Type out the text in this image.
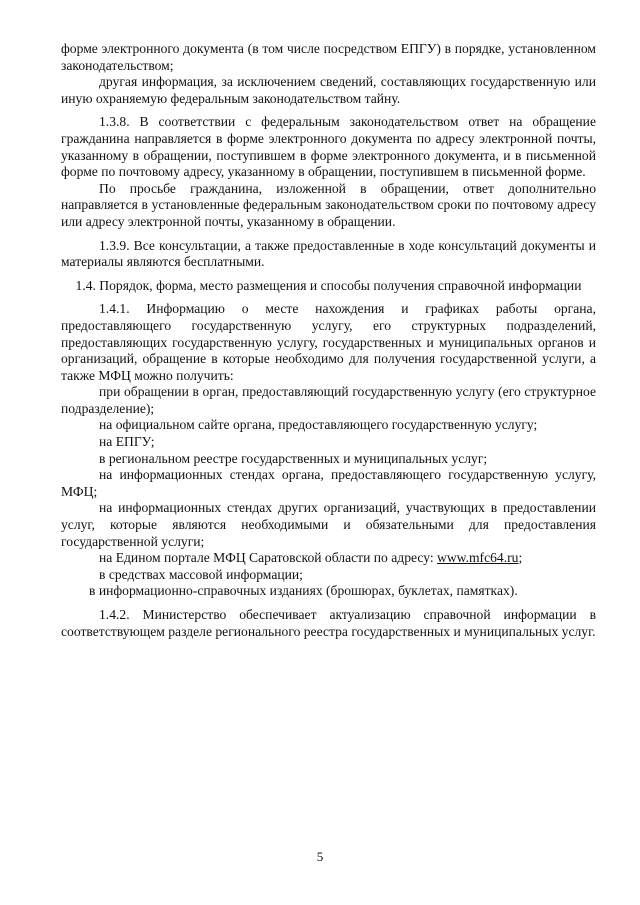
форме электронного документа (в том числе посредством ЕПГУ) в порядке, установленном законодательством;

другая информация, за исключением сведений, составляющих государственную или иную охраняемую федеральным законодательством тайну.

1.3.8. В соответствии с федеральным законодательством ответ на обращение гражданина направляется в форме электронного документа по адресу электронной почты, указанному в обращении, поступившем в форме электронного документа, и в письменной форме по почтовому адресу, указанному в обращении, поступившем в письменной форме.

По просьбе гражданина, изложенной в обращении, ответ дополнительно направляется в установленные федеральным законодательством сроки по почтовому адресу или адресу электронной почты, указанному в обращении.

1.3.9. Все консультации, а также предоставленные в ходе консультаций документы и материалы являются бесплатными.

1.4. Порядок, форма, место размещения и способы получения справочной информации

1.4.1. Информацию о месте нахождения и графиках работы органа, предоставляющего государственную услугу, его структурных подразделений, предоставляющих государственную услугу, государственных и муниципальных органов и организаций, обращение в которые необходимо для получения государственной услуги, а также МФЦ можно получить:

при обращении в орган, предоставляющий государственную услугу (его структурное подразделение);

на официальном сайте органа, предоставляющего государственную услугу;

на ЕПГУ;

в региональном реестре государственных и муниципальных услуг;

на информационных стендах органа, предоставляющего государственную услугу, МФЦ;

на информационных стендах других организаций, участвующих в предоставлении услуг, которые являются необходимыми и обязательными для предоставления государственной услуги;

на Едином портале МФЦ Саратовской области по адресу: www.mfc64.ru;

в средствах массовой информации;

в информационно-справочных изданиях (брошюрах, буклетах, памятках).

1.4.2. Министерство обеспечивает актуализацию справочной информации в соответствующем разделе регионального реестра государственных и муниципальных услуг.

5
